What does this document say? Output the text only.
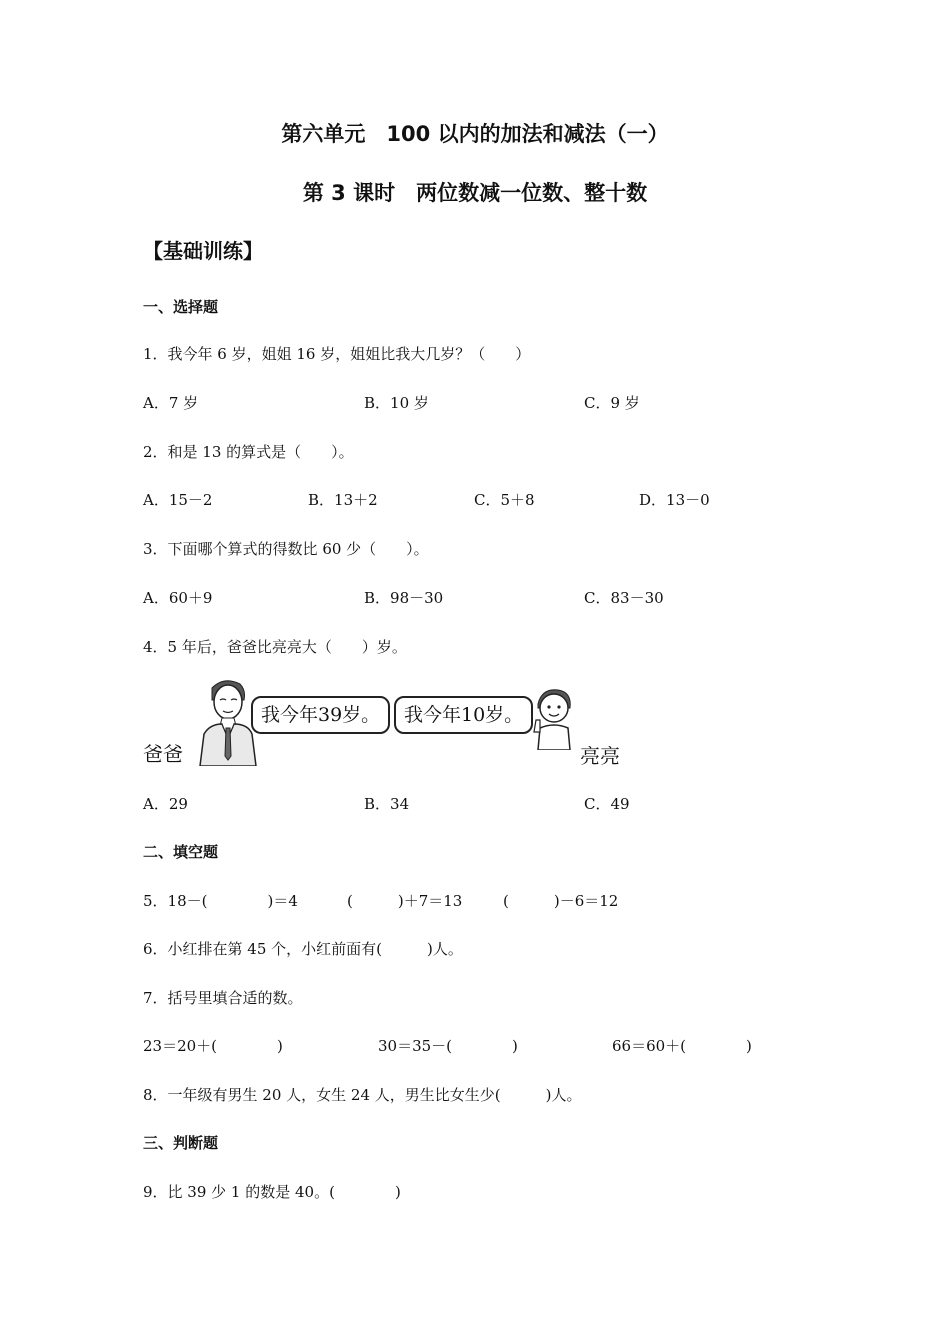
第六单元　100 以内的加法和减法（一）
第 3 课时　两位数减一位数、整十数
【基础训练】
一、选择题
1．我今年 6 岁，姐姐 16 岁，姐姐比我大几岁？（　　）
A．7 岁	B．10 岁	C．9 岁
2．和是 13 的算式是（　　）。
A．15－2	B．13＋2	C．5＋8	D．13－0
3．下面哪个算式的得数比 60 少（　　）。
A．60＋9	B．98－30	C．83－30
4．5 年后，爸爸比亮亮大（　　）岁。
爸爸
我今年39岁。	我今年10岁。
亮亮
A．29	B．34	C．49
二、填空题
5．18－(　　　　)＝4	(　　　)＋7＝13	(　　　)－6＝12
6．小红排在第 45 个，小红前面有(　　　)人。
7．括号里填合适的数。
23＝20＋(　　　　)	30＝35－(　　　　)	66＝60＋(　　　　)
8．一年级有男生 20 人，女生 24 人，男生比女生少(　　　)人。
三、判断题
9．比 39 少 1 的数是 40。(　　　　)
